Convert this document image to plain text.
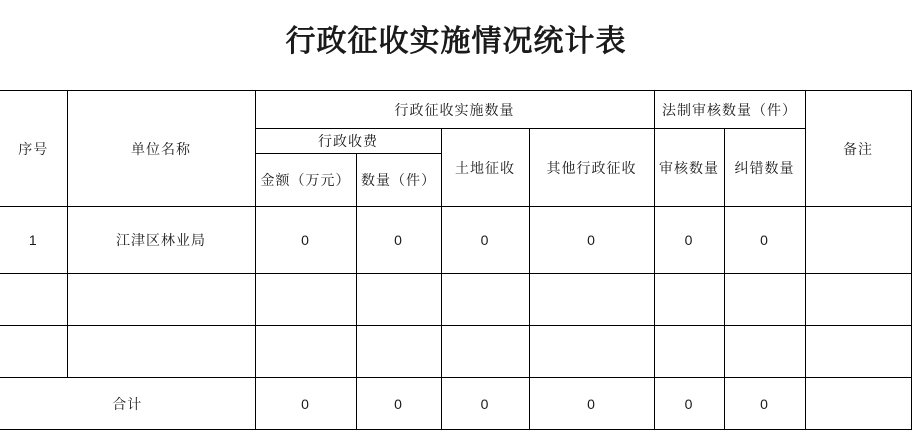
行政征收实施情况统计表
序号	单位名称	行政征收实施数量				法制审核数量（件）		备注
		行政收费		土地征收	其他行政征收	审核数量	纠错数量	
		金额（万元）	数量（件）					
1	江津区林业局	0	0	0	0	0	0	

合计		0	0	0	0	0	0	
